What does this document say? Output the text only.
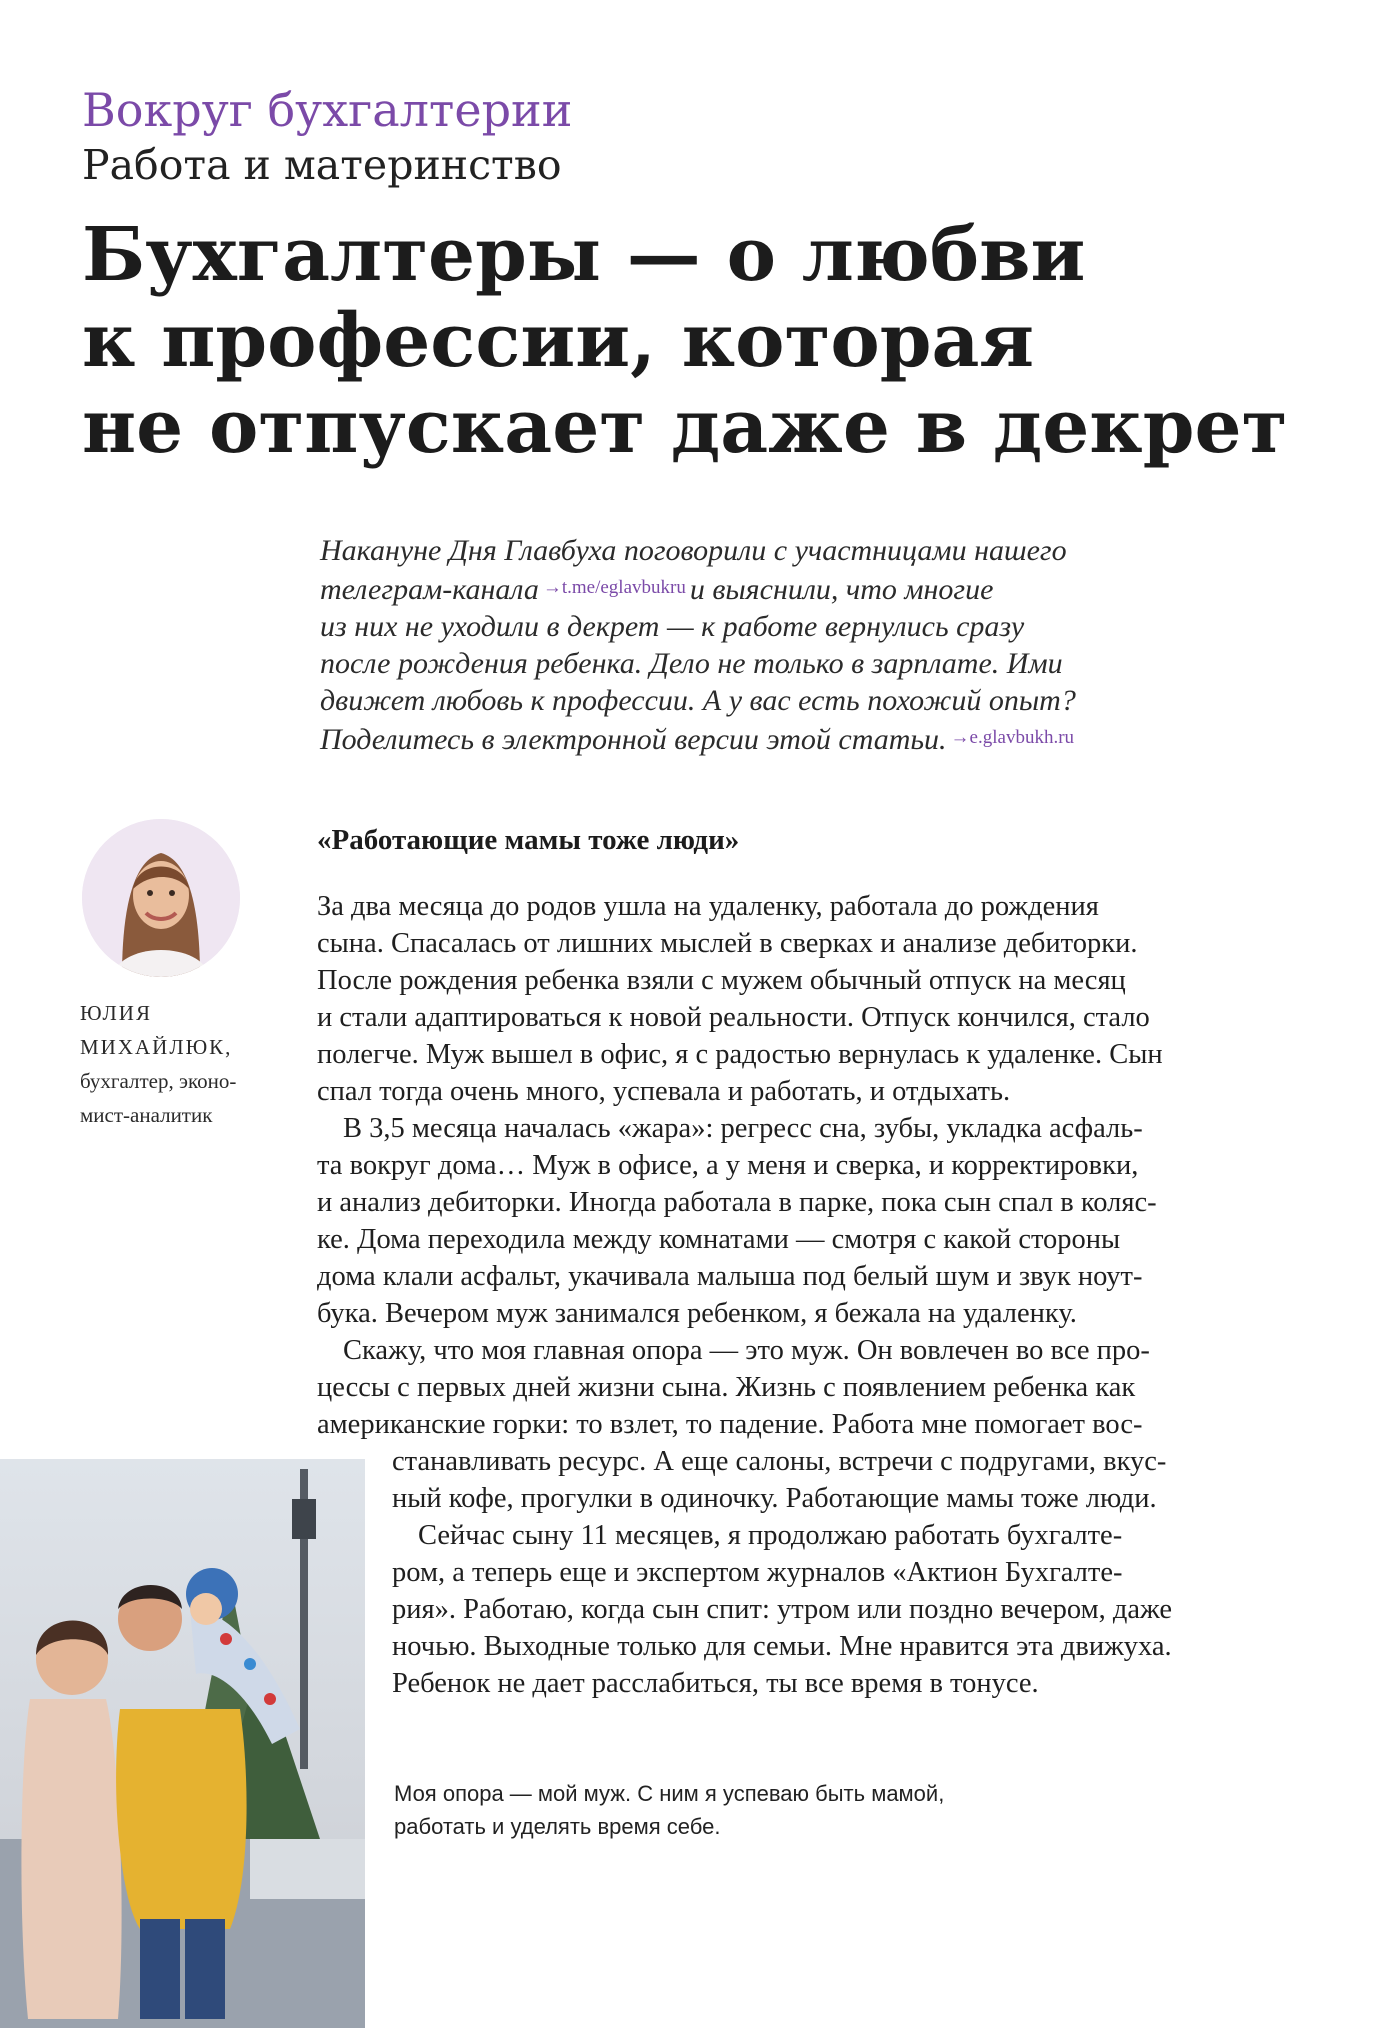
Вокруг бухгалтерии
Работа и материнство
Бухгалтеры — о любви
к профессии, которая
не отпускает даже в декрет
Накануне Дня Главбуха поговорили с участницами нашего
телеграм-канала $^{\to t.me/eglavbukru}$ и выяснили, что многие
из них не уходили в декрет — к работе вернулись сразу
после рождения ребенка. Дело не только в зарплате. Ими
движет любовь к профессии. А у вас есть похожий опыт?
Поделитесь в электронной версии этой статьи. $^{\to e.glavbukh.ru}$
ЮЛИЯ
МИХАЙЛЮК,
бухгалтер, эконо-
мист-аналитик
«Работающие мамы тоже люди»
За два месяца до родов ушла на удаленку, работала до рождения
сына. Спасалась от лишних мыслей в сверках и анализе дебиторки.
После рождения ребенка взяли с мужем обычный отпуск на месяц
и стали адаптироваться к новой реальности. Отпуск кончился, стало
полегче. Муж вышел в офис, я с радостью вернулась к удаленке. Сын
спал тогда очень много, успевала и работать, и отдыхать.
В 3,5 месяца началась «жара»: регресс сна, зубы, укладка асфаль-
та вокруг дома… Муж в офисе, а у меня и сверка, и корректировки,
и анализ дебиторки. Иногда работала в парке, пока сын спал в коляс-
ке. Дома переходила между комнатами — смотря с какой стороны
дома клали асфальт, укачивала малыша под белый шум и звук ноут-
бука. Вечером муж занимался ребенком, я бежала на удаленку.
Скажу, что моя главная опора — это муж. Он вовлечен во все про-
цессы с первых дней жизни сына. Жизнь с появлением ребенка как
американские горки: то взлет, то падение. Работа мне помогает вос-
станавливать ресурс. А еще салоны, встречи с подругами, вкус-
ный кофе, прогулки в одиночку. Работающие мамы тоже люди.
Сейчас сыну 11 месяцев, я продолжаю работать бухгалте-
ром, а теперь еще и экспертом журналов «Актион Бухгалте-
рия». Работаю, когда сын спит: утром или поздно вечером, даже
ночью. Выходные только для семьи. Мне нравится эта движуха.
Ребенок не дает расслабиться, ты все время в тонусе.
Моя опора — мой муж. С ним я успеваю быть мамой,
работать и уделять время себе.
